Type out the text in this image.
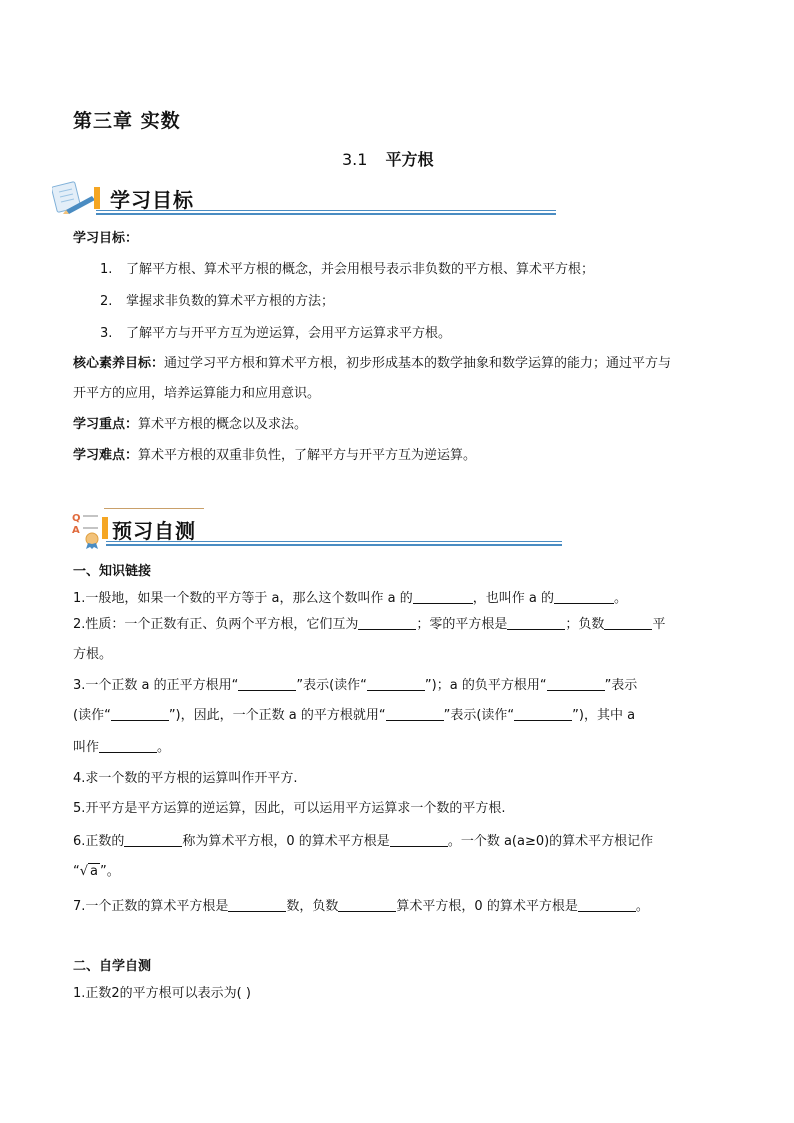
第三章 实数
3.1 平方根
学习目标
学习目标：
1. 了解平方根、算术平方根的概念，并会用根号表示非负数的平方根、算术平方根；
2. 掌握求非负数的算术平方根的方法；
3. 了解平方与开平方互为逆运算，会用平方运算求平方根。
核心素养目标：通过学习平方根和算术平方根，初步形成基本的数学抽象和数学运算的能力；通过平方与
开平方的应用，培养运算能力和应用意识。
学习重点：算术平方根的概念以及求法。
学习难点：算术平方根的双重非负性，了解平方与开平方互为逆运算。
Q
A 预习自测
一、知识链接
1.一般地，如果一个数的平方等于 a，那么这个数叫作 a 的	，也叫作 a 的	。
2.性质：一个正数有正、负两个平方根，它们互为	；零的平方根是	；负数	平
方根。
3.一个正数 a 的正平方根用“	”表示(读作“	”)；a 的负平方根用“	”表示
(读作“	”)，因此，一个正数 a 的平方根就用“	”表示(读作“	”)，其中 a
叫作	。
4.求一个数的平方根的运算叫作开平方.
5.开平方是平方运算的逆运算，因此，可以运用平方运算求一个数的平方根.
6.正数的	称为算术平方根，0 的算术平方根是	。一个数 a(a≥0)的算术平方根记作
“√ a ”。
7.一个正数的算术平方根是	数，负数	算术平方根，0 的算术平方根是	。
二、自学自测
1.正数2的平方根可以表示为( )
